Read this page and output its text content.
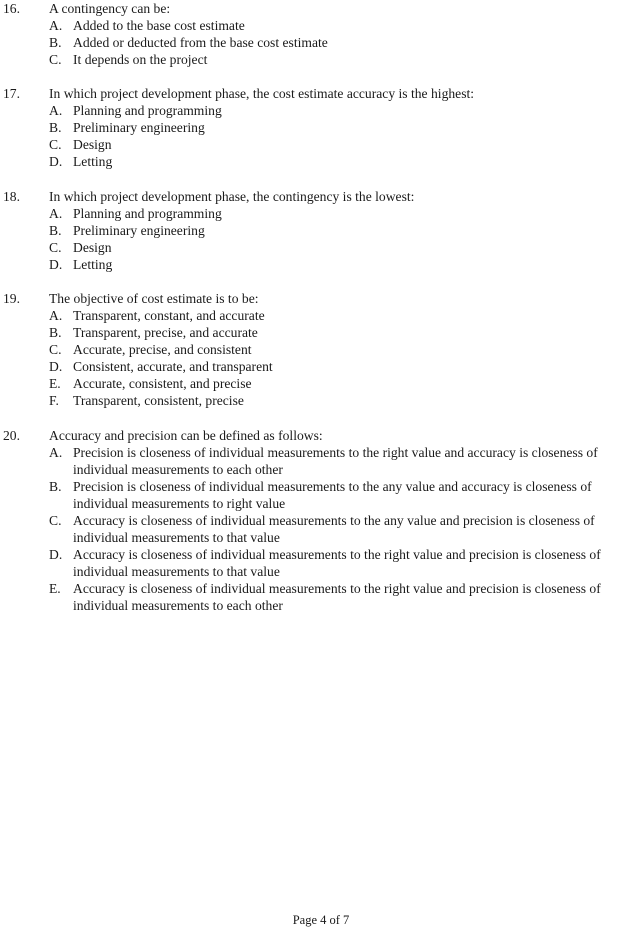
16. A contingency can be:
A. Added to the base cost estimate
B. Added or deducted from the base cost estimate
C. It depends on the project
17. In which project development phase, the cost estimate accuracy is the highest:
A. Planning and programming
B. Preliminary engineering
C. Design
D. Letting
18. In which project development phase, the contingency is the lowest:
A. Planning and programming
B. Preliminary engineering
C. Design
D. Letting
19. The objective of cost estimate is to be:
A. Transparent, constant, and accurate
B. Transparent, precise, and accurate
C. Accurate, precise, and consistent
D. Consistent, accurate, and transparent
E. Accurate, consistent, and precise
F. Transparent, consistent, precise
20. Accuracy and precision can be defined as follows:
A. Precision is closeness of individual measurements to the right value and accuracy is closeness of individual measurements to each other
B. Precision is closeness of individual measurements to the any value and accuracy is closeness of individual measurements to right value
C. Accuracy is closeness of individual measurements to the any value and precision is closeness of individual measurements to that value
D. Accuracy is closeness of individual measurements to the right value and precision is closeness of individual measurements to that value
E. Accuracy is closeness of individual measurements to the right value and precision is closeness of individual measurements to each other
Page 4 of 7
